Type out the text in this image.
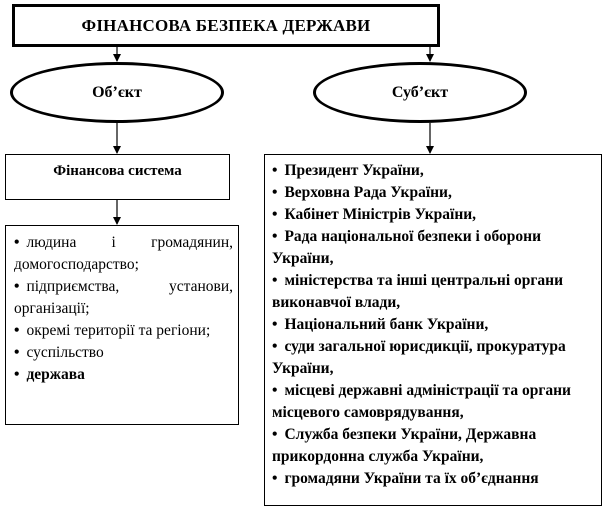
ФІНАНСОВА БЕЗПЕКА ДЕРЖАВИ
Об’єкт	Суб’єкт
Фінансова система
• людина і громадянин, домогосподарство;
• підприємства, установи, організації;
• окремі території та регіони;
• суспільство
• держава
• Президент України,
• Верховна Рада України,
• Кабінет Міністрів України,
• Рада національної безпеки і оборони України,
• міністерства та інші центральні органи виконавчої влади,
• Національний банк України,
• суди загальної юрисдикції, прокуратура України,
• місцеві державні адміністрації та органи місцевого самоврядування,
• Служба безпеки України, Державна прикордонна служба України,
• громадяни України та їх об’єднання
